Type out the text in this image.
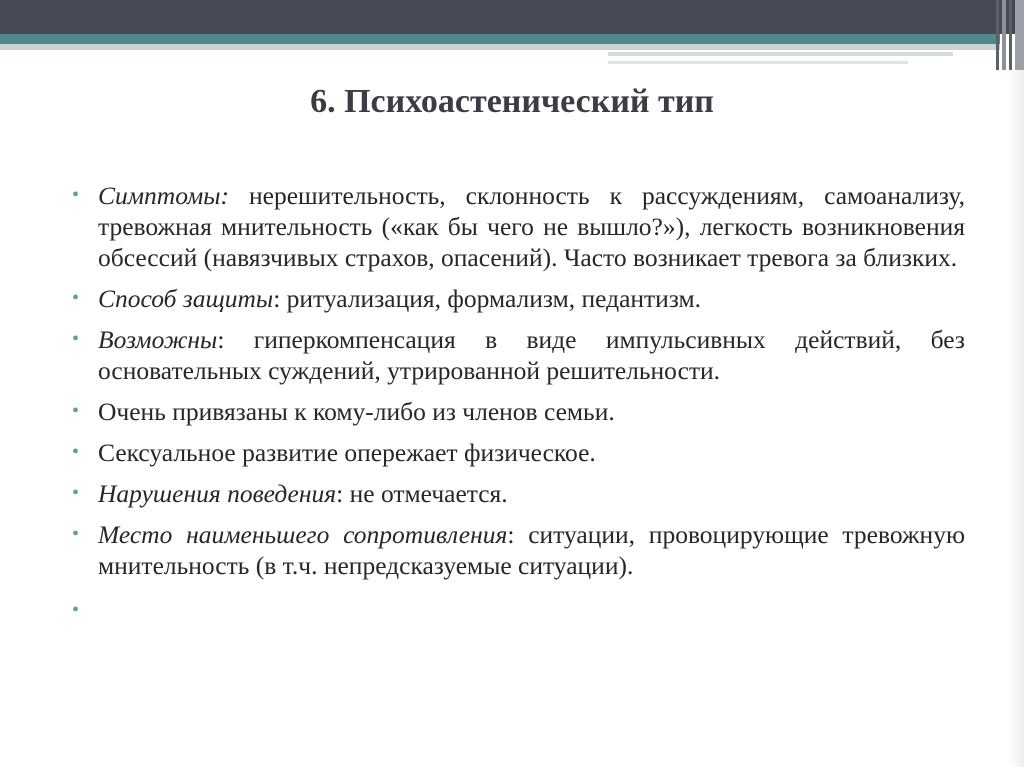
6. Психоастенический тип
• Симптомы: нерешительность, склонность к рассуждениям, самоанализу, тревожная мнительность («как бы чего не вышло?»), легкость возникновения обсессий (навязчивых страхов, опасений). Часто возникает тревога за близких.
• Способ защиты: ритуализация, формализм, педантизм.
• Возможны: гиперкомпенсация в виде импульсивных действий, без основательных суждений, утрированной решительности.
• Очень привязаны к кому-либо из членов семьи.
• Сексуальное развитие опережает физическое.
• Нарушения поведения: не отмечается.
• Место наименьшего сопротивления: ситуации, провоцирующие тревожную мнительность (в т.ч. непредсказуемые ситуации).
•
